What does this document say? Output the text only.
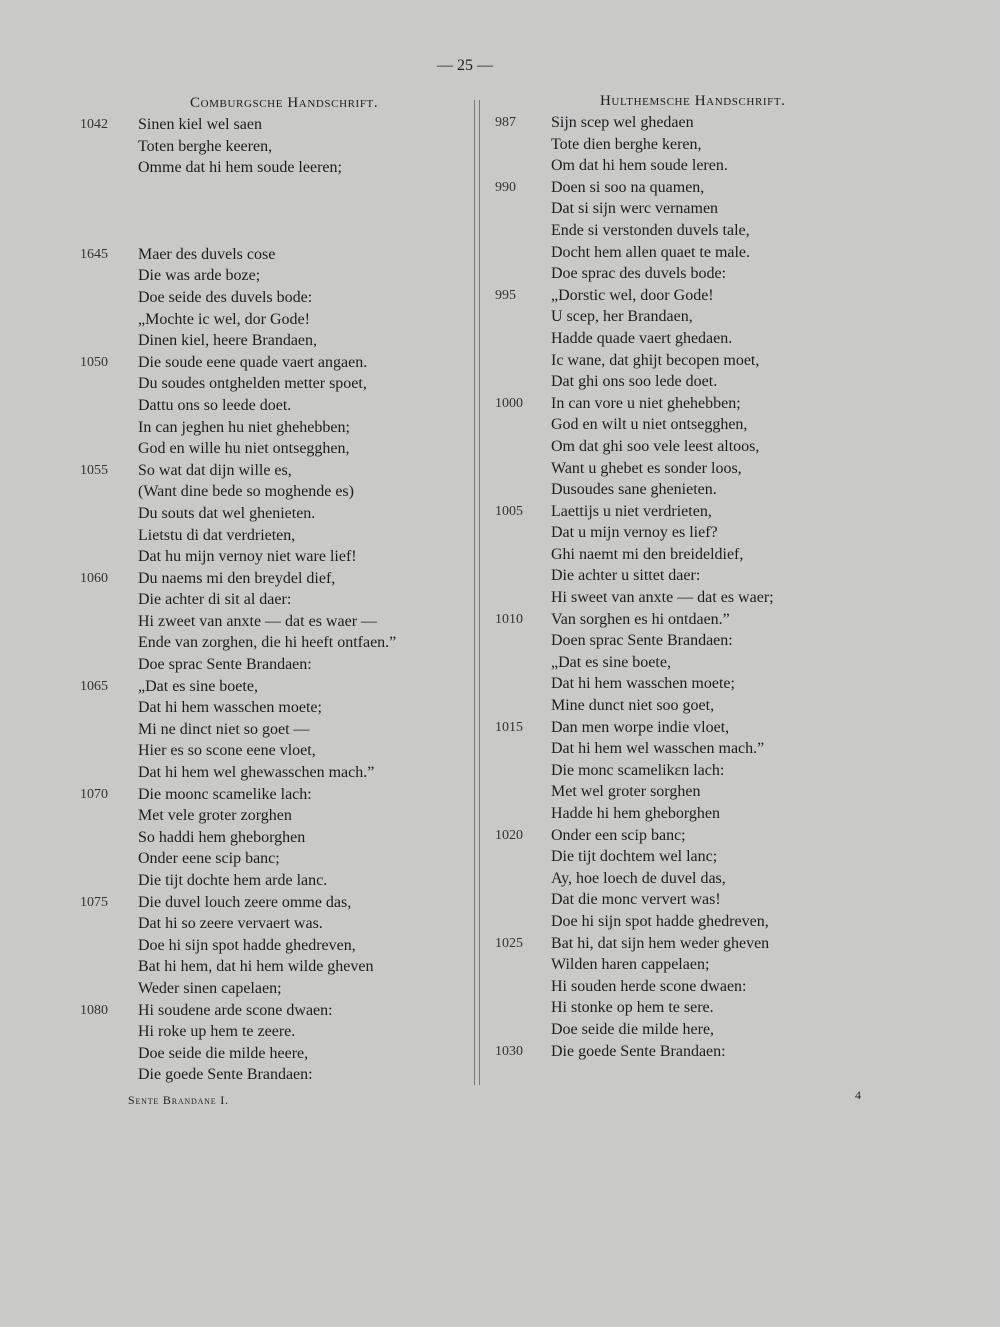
— 25 —
Comburgsche Handschrift.
1042	Sinen kiel wel saen
Toten berghe keeren,
Omme dat hi hem soude leeren;
1645	Maer des duvels cose
Die was arde boze;
Doe seide des duvels bode:
„Mochte ic wel, dor Gode!
Dinen kiel, heere Brandaen,
1050	Die soude eene quade vaert angaen.
Du soudes ontghelden metter spoet,
Dattu ons so leede doet.
In can jeghen hu niet ghehebben;
God en wille hu niet ontsegghen,
1055	So wat dat dijn wille es,
(Want dine bede so moghende es)
Du souts dat wel ghenieten.
Lietstu di dat verdrieten,
Dat hu mijn vernoy niet ware lief!
1060	Du naems mi den breydel dief,
Die achter di sit al daer:
Hi zweet van anxte — dat es waer —
Ende van zorghen, die hi heeft ontfaen.”
Doe sprac Sente Brandaen:
1065	„Dat es sine boete,
Dat hi hem wasschen moete;
Mi ne dinct niet so goet —
Hier es so scone eene vloet,
Dat hi hem wel ghewasschen mach.”
1070	Die moonc scamelike lach:
Met vele groter zorghen
So haddi hem gheborghen
Onder eene scip banc;
Die tijt dochte hem arde lanc.
1075	Die duvel louch zeere omme das,
Dat hi so zeere vervaert was.
Doe hi sijn spot hadde ghedreven,
Bat hi hem, dat hi hem wilde gheven
Weder sinen capelaen;
1080	Hi soudene arde scone dwaen:
Hi roke up hem te zeere.
Doe seide die milde heere,
Die goede Sente Brandaen:
Hulthemsche Handschrift.
987	Sijn scep wel ghedaen
Tote dien berghe keren,
Om dat hi hem soude leren.
990	Doen si soo na quamen,
Dat si sijn werc vernamen
Ende si verstonden duvels tale,
Docht hem allen quaet te male.
Doe sprac des duvels bode:
995	„Dorstic wel, door Gode!
U scep, her Brandaen,
Hadde quade vaert ghedaen.
Ic wane, dat ghijt becopen moet,
Dat ghi ons soo lede doet.
1000	In can vore u niet ghehebben;
God en wilt u niet ontsegghen,
Om dat ghi soo vele leest altoos,
Want u ghebet es sonder loos,
Dusoudes sane ghenieten.
1005	Laettijs u niet verdrieten,
Dat u mijn vernoy es lief?
Ghi naemt mi den breideldief,
Die achter u sittet daer:
Hi sweet van anxte — dat es waer;
1010	Van sorghen es hi ontdaen.”
Doen sprac Sente Brandaen:
„Dat es sine boete,
Dat hi hem wasschen moete;
Mine dunct niet soo goet,
1015	Dan men worpe indie vloet,
Dat hi hem wel wasschen mach.”
Die monc scamelikɛn lach:
Met wel groter sorghen
Hadde hi hem gheborghen
1020	Onder een scip banc;
Die tijt dochtem wel lanc;
Ay, hoe loech de duvel das,
Dat die monc ververt was!
Doe hi sijn spot hadde ghedreven,
1025	Bat hi, dat sijn hem weder gheven
Wilden haren cappelaen;
Hi souden herde scone dwaen:
Hi stonke op hem te sere.
Doe seide die milde here,
1030	Die goede Sente Brandaen:
Sente Brandane I.	4
